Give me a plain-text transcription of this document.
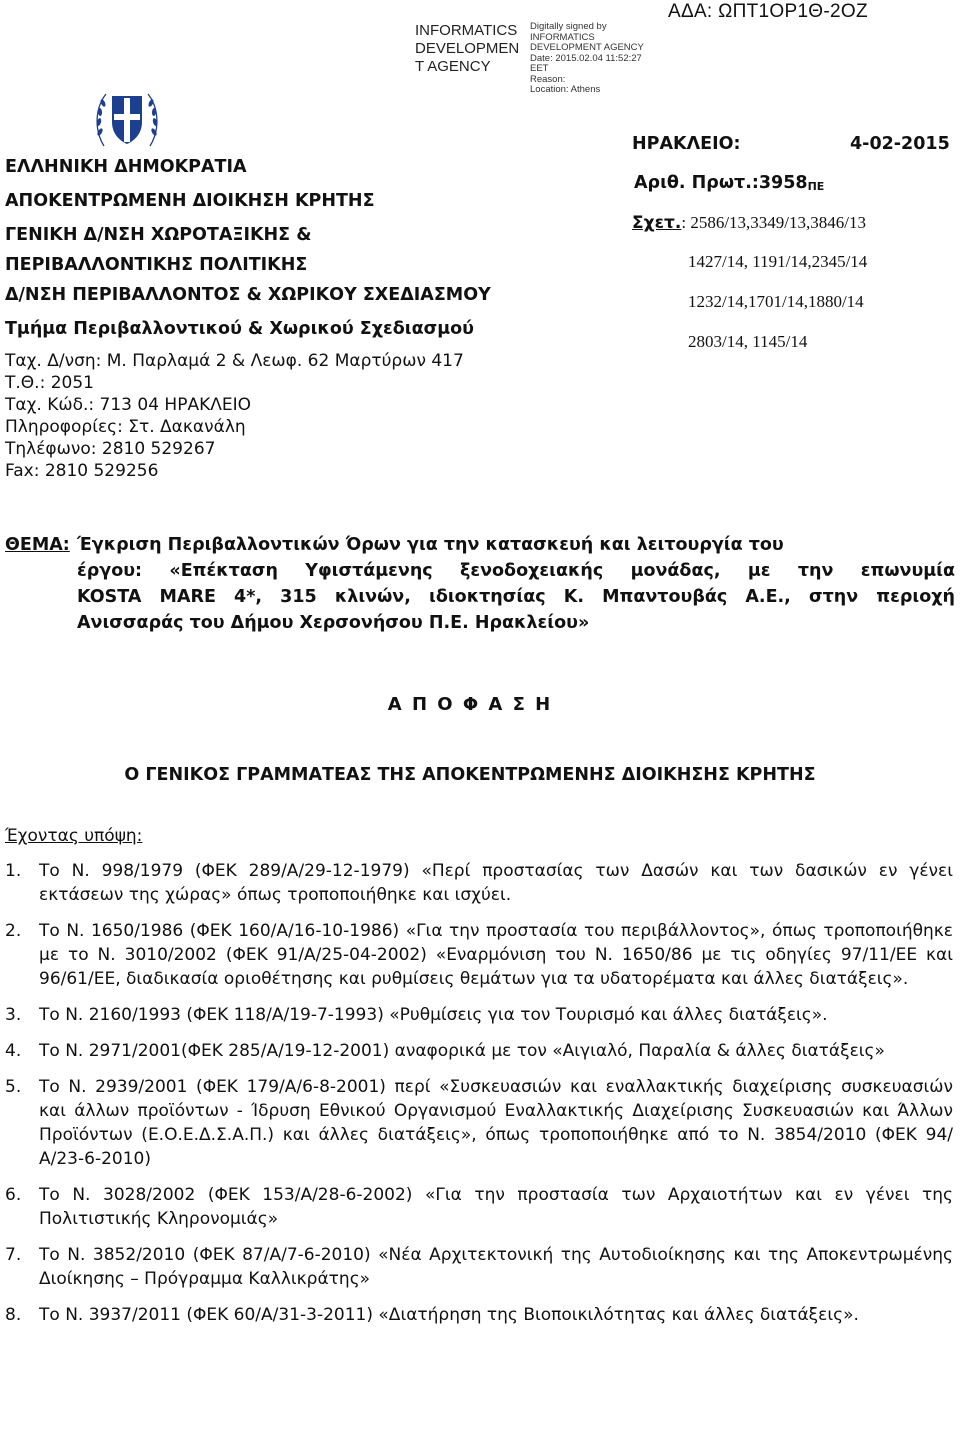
INFORMATICS DEVELOPMEN T AGENCY
Digitally signed by
INFORMATICS
DEVELOPMENT AGENCY
Date: 2015.02.04 11:52:27
EET
Reason:
Location: Athens
ΑΔΑ: ΩΠΤ1ΟΡ1Θ-2ΟΖ
ΕΛΛΗΝΙΚΗ ΔΗΜΟΚΡΑΤΙΑ
ΑΠΟΚΕΝΤΡΩΜΕΝΗ ΔΙΟΙΚΗΣΗ ΚΡΗΤΗΣ
ΓΕΝΙΚΗ Δ/ΝΣΗ ΧΩΡΟΤΑΞΙΚΗΣ &
ΠΕΡΙΒΑΛΛΟΝΤΙΚΗΣ ΠΟΛΙΤΙΚΗΣ
Δ/ΝΣΗ ΠΕΡΙΒΑΛΛΟΝΤΟΣ & ΧΩΡΙΚΟΥ ΣΧΕΔΙΑΣΜΟΥ
Τμήμα Περιβαλλοντικού & Χωρικού Σχεδιασμού
Ταχ. Δ/νση: Μ. Παρλαμά 2 & Λεωφ. 62 Μαρτύρων 417
Τ.Θ.: 2051
Ταχ. Κώδ.: 713 04 ΗΡΑΚΛΕΙΟ
Πληροφορίες: Στ. Δακανάλη
Τηλέφωνο: 2810 529267
Fax: 2810 529256
ΗΡΑΚΛΕΙΟ:	4-02-2015
Αριθ. $\Pi\rho\omega\tau.:3958_{\Pi E}$
Σχετ.: 2586/13,3349/13,3846/13
1427/14, 1191/14,2345/14
1232/14,1701/14,1880/14
2803/14, 1145/14
ΘΕΜΑ: Έγκριση Περιβαλλοντικών Όρων για την κατασκευή και λειτουργία του
έργου: «Επέκταση Υφιστάμενης ξενοδοχειακής μονάδας, με την επωνυμία
KOSTA MARE 4*, 315 κλινών, ιδιοκτησίας Κ. Μπαντουβάς Α.Ε., στην περιοχή
Ανισσαράς του Δήμου Χερσονήσου Π.Ε. Ηρακλείου»
Α Π Ο Φ Α Σ Η
Ο ΓΕΝΙΚΟΣ ΓΡΑΜΜΑΤΕΑΣ ΤΗΣ ΑΠΟΚΕΝΤΡΩΜΕΝΗΣ ΔΙΟΙΚΗΣΗΣ ΚΡΗΤΗΣ
Έχοντας υπόψη:
1.	Το Ν. 998/1979 (ΦΕΚ 289/Α/29-12-1979) «Περί προστασίας των Δασών και των δασικών εν γένει εκτάσεων της χώρας» όπως τροποποιήθηκε και ισχύει.
2.	Το Ν. 1650/1986 (ΦΕΚ 160/Α/16-10-1986) «Για την προστασία του περιβάλλοντος», όπως τροποποιήθηκε με το Ν. 3010/2002 (ΦΕΚ 91/Α/25-04-2002) «Εναρμόνιση του Ν. 1650/86 με τις οδηγίες 97/11/ΕΕ και 96/61/ΕΕ, διαδικασία οριοθέτησης και ρυθμίσεις θεμάτων για τα υδατορέματα και άλλες διατάξεις».
3.	Το Ν. 2160/1993 (ΦΕΚ 118/Α/19-7-1993) «Ρυθμίσεις για τον Τουρισμό και άλλες διατάξεις».
4.	Το Ν. 2971/2001(ΦΕΚ 285/Α/19-12-2001) αναφορικά με τον «Αιγιαλό, Παραλία & άλλες διατάξεις»
5.	Το Ν. 2939/2001 (ΦΕΚ 179/Α/6-8-2001) περί «Συσκευασιών και εναλλακτικής διαχείρισης συσκευασιών και άλλων προϊόντων - Ίδρυση Εθνικού Οργανισμού Εναλλακτικής Διαχείρισης Συσκευασιών και Άλλων Προϊόντων (Ε.Ο.Ε.Δ.Σ.Α.Π.) και άλλες διατάξεις», όπως τροποποιήθηκε από το Ν. 3854/2010 (ΦΕΚ 94/Α/23-6-2010)
6.	Το Ν. 3028/2002 (ΦΕΚ 153/Α/28-6-2002) «Για την προστασία των Αρχαιοτήτων και εν γένει της Πολιτιστικής Κληρονομιάς»
7.	Το Ν. 3852/2010 (ΦΕΚ 87/Α/7-6-2010) «Νέα Αρχιτεκτονική της Αυτοδιοίκησης και της Αποκεντρωμένης Διοίκησης – Πρόγραμμα Καλλικράτης»
8.	Το Ν. 3937/2011 (ΦΕΚ 60/Α/31-3-2011) «Διατήρηση της Βιοποικιλότητας και άλλες διατάξεις».
